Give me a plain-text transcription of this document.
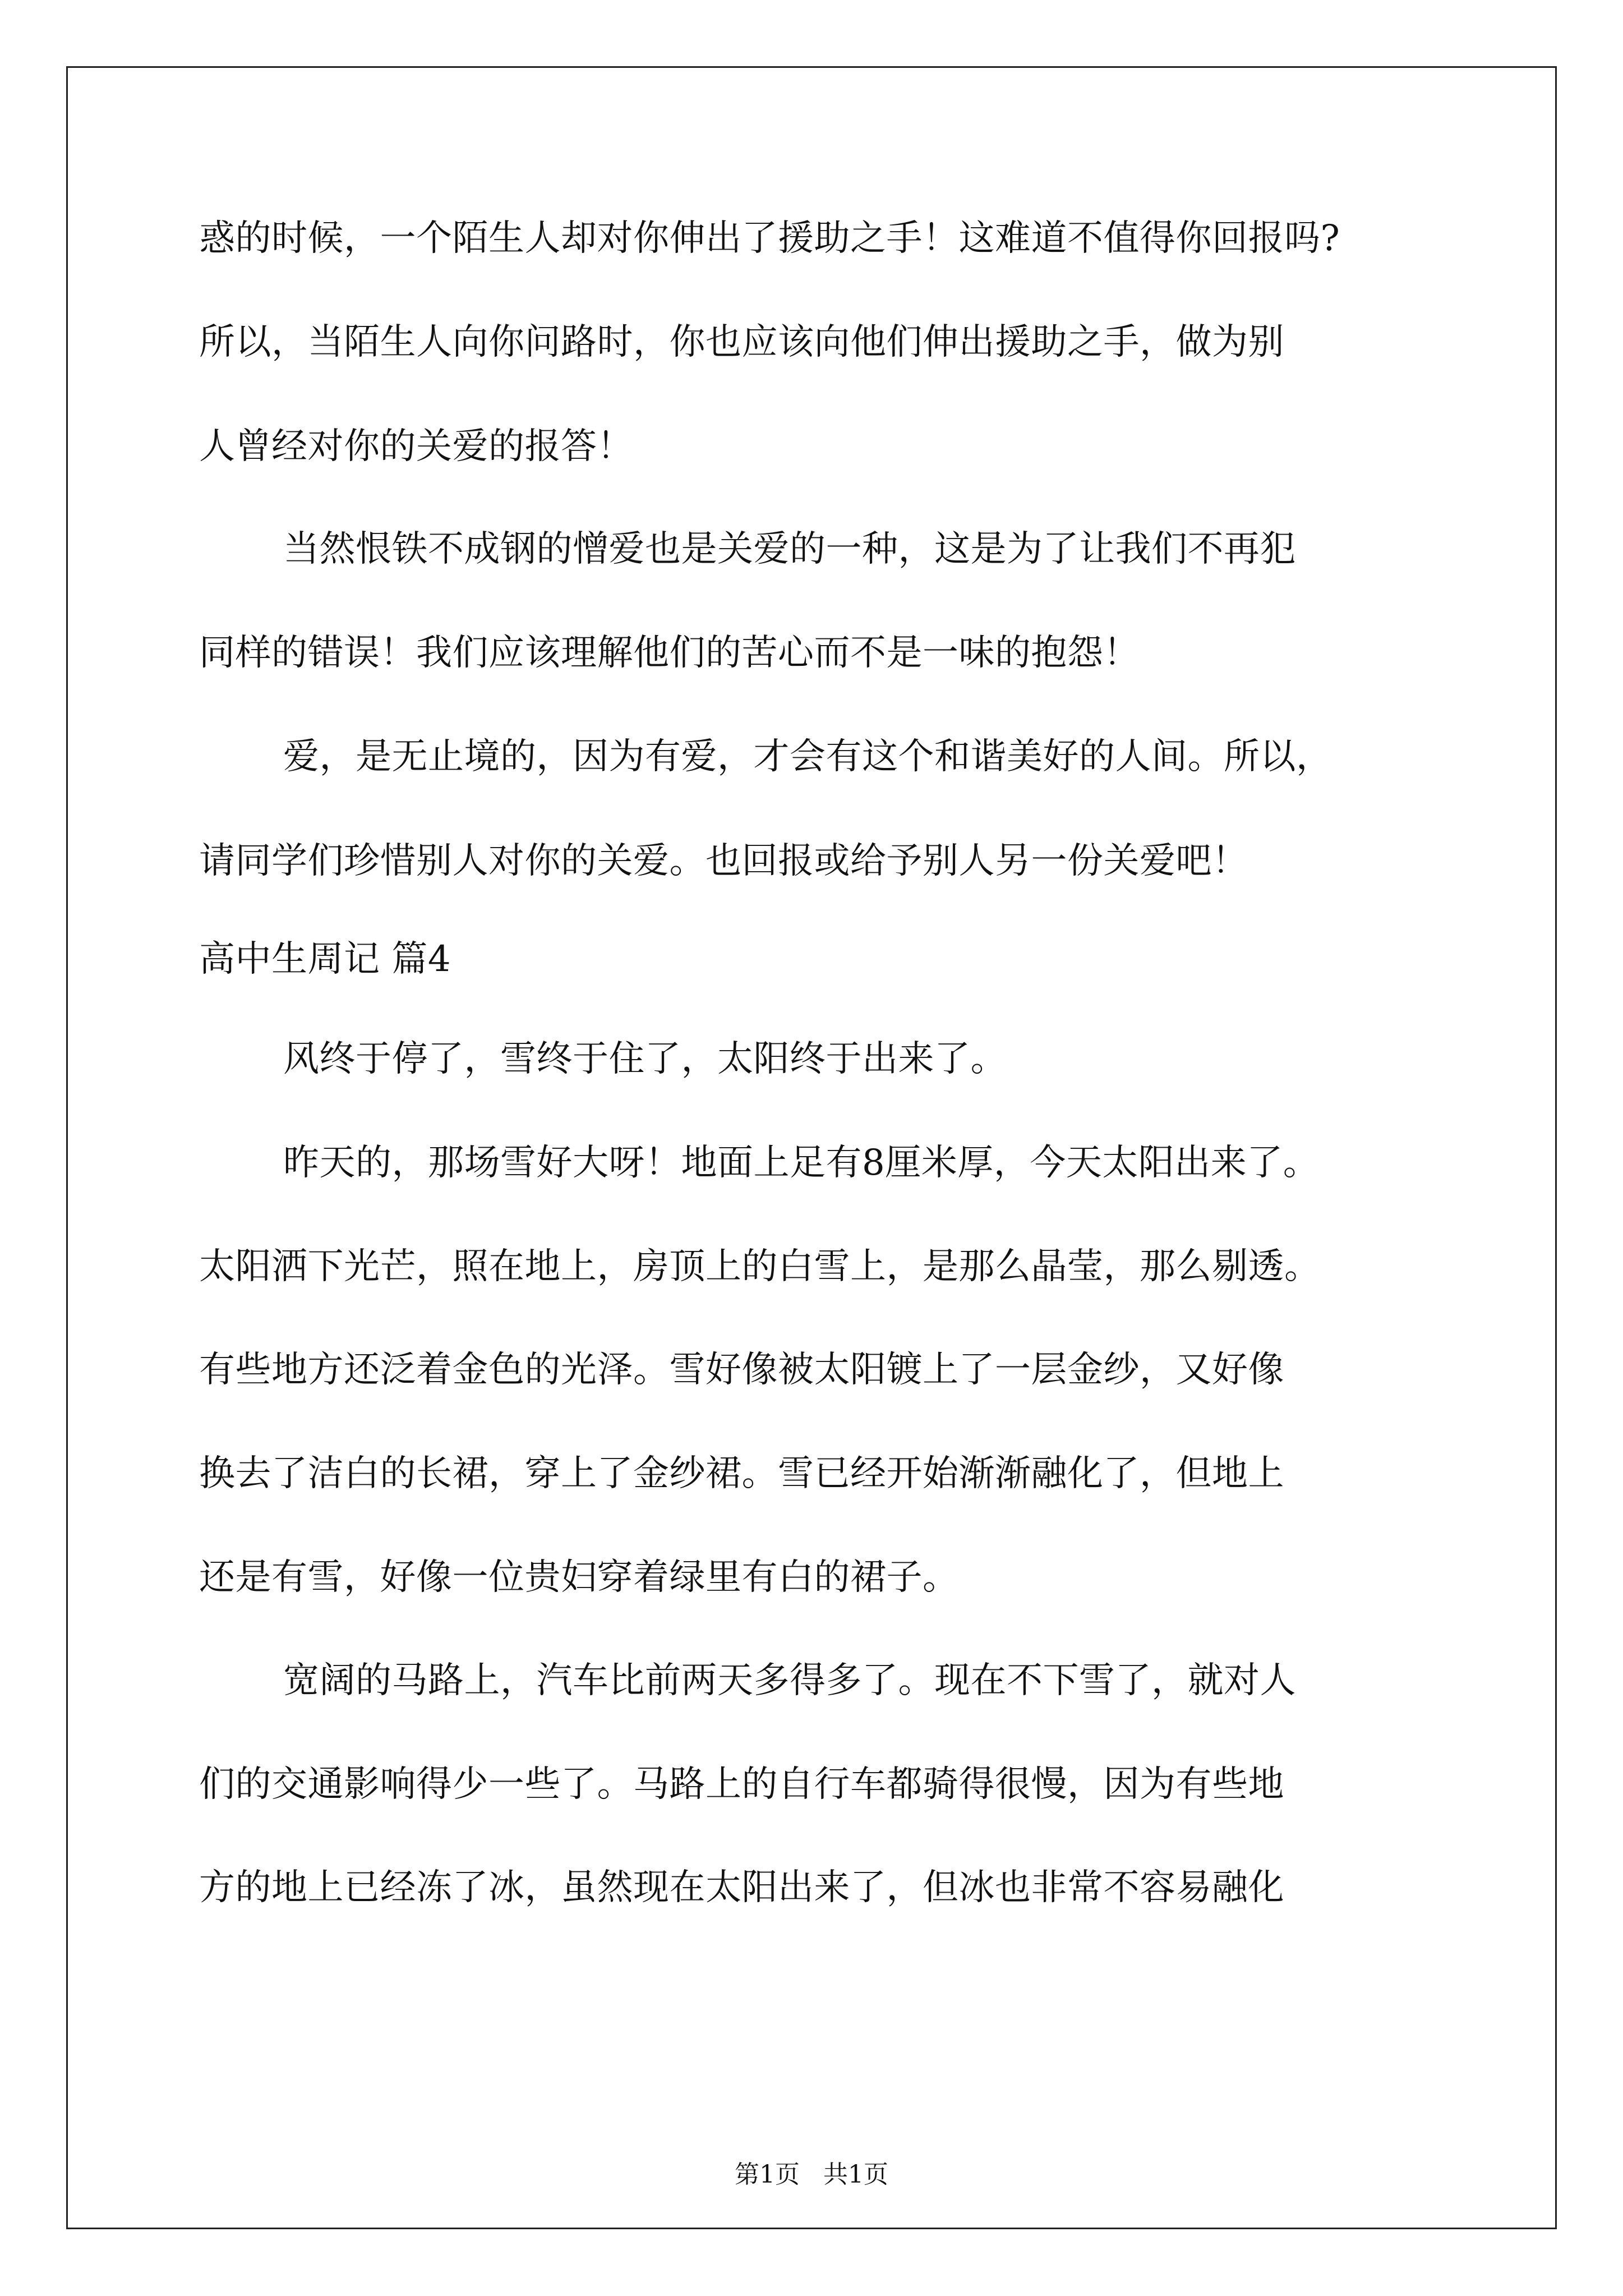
惑的时候，一个陌生人却对你伸出了援助之手！这难道不值得你回报吗?
所以，当陌生人向你问路时，你也应该向他们伸出援助之手，做为别
人曾经对你的关爱的报答！
当然恨铁不成钢的憎爱也是关爱的一种，这是为了让我们不再犯
同样的错误！我们应该理解他们的苦心而不是一味的抱怨！
爱，是无止境的，因为有爱，才会有这个和谐美好的人间。所以，
请同学们珍惜别人对你的关爱。也回报或给予别人另一份关爱吧！
高中生周记 篇4
风终于停了，雪终于住了，太阳终于出来了。
昨天的，那场雪好大呀！地面上足有8厘米厚，今天太阳出来了。
太阳洒下光芒，照在地上，房顶上的白雪上，是那么晶莹，那么剔透。
有些地方还泛着金色的光泽。雪好像被太阳镀上了一层金纱，又好像
换去了洁白的长裙，穿上了金纱裙。雪已经开始渐渐融化了，但地上
还是有雪，好像一位贵妇穿着绿里有白的裙子。
宽阔的马路上，汽车比前两天多得多了。现在不下雪了，就对人
们的交通影响得少一些了。马路上的自行车都骑得很慢，因为有些地
方的地上已经冻了冰，虽然现在太阳出来了，但冰也非常不容易融化
第1页   共1页
